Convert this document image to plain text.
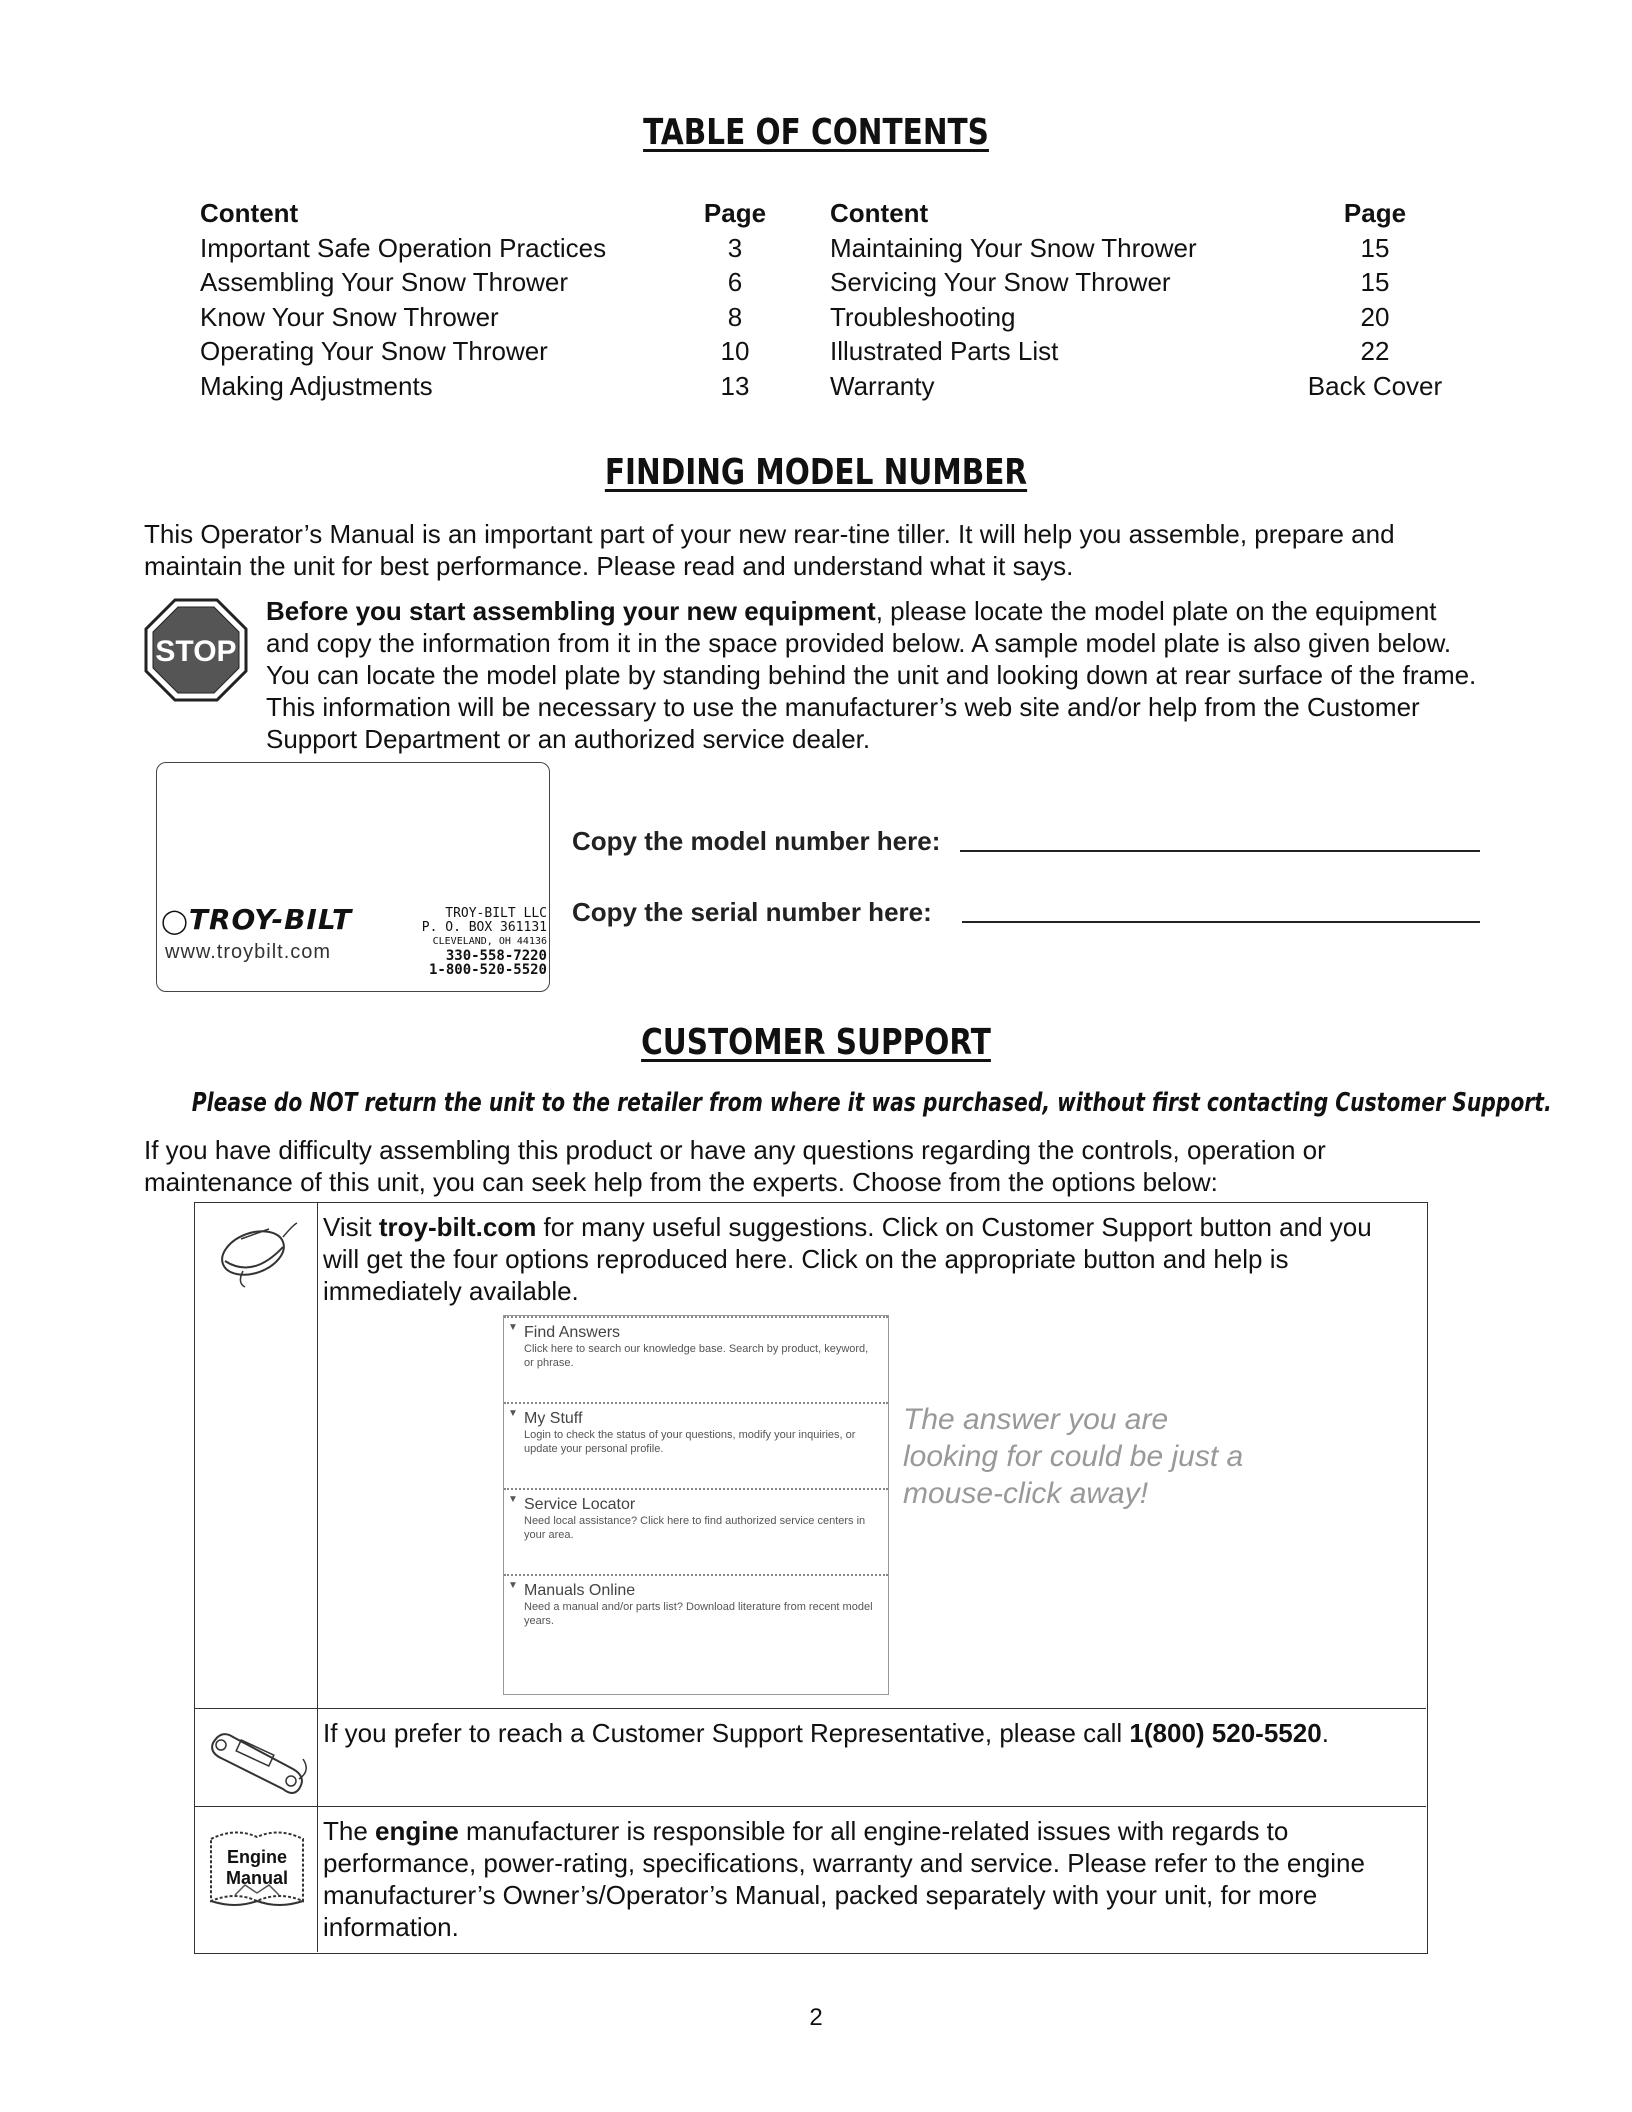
TABLE OF CONTENTS
Content	Page
Important Safe Operation Practices	3
Assembling Your Snow Thrower	6
Know Your Snow Thrower	8
Operating Your Snow Thrower	10
Making Adjustments	13
Content	Page
Maintaining Your Snow Thrower	15
Servicing Your Snow Thrower	15
Troubleshooting	20
Illustrated Parts List	22
Warranty	Back Cover
FINDING MODEL NUMBER
This Operator’s Manual is an important part of your new rear-tine tiller. It will help you assemble, prepare and maintain the unit for best performance. Please read and understand what it says.
STOP
Before you start assembling your new equipment, please locate the model plate on the equipment and copy the information from it in the space provided below. A sample model plate is also given below. You can locate the model plate by standing behind the unit and looking down at rear surface of the frame. This information will be necessary to use the manufacturer’s web site and/or help from the Customer Support Department or an authorized service dealer.
◯TROY-BILT
www.troybilt.com
TROY-BILT LLC
P. O. BOX 361131
CLEVELAND, OH 44136
330-558-7220
1-800-520-5520
Copy the model number here:
Copy the serial number here:
CUSTOMER SUPPORT
Please do NOT return the unit to the retailer from where it was purchased, without first contacting Customer Support.
If you have difficulty assembling this product or have any questions regarding the controls, operation or maintenance of this unit, you can seek help from the experts. Choose from the options below:
Visit troy-bilt.com for many useful suggestions. Click on Customer Support button and you will get the four options reproduced here. Click on the appropriate button and help is immediately available.
▼ Find Answers
Click here to search our knowledge base. Search by product, keyword, or phrase.
▼ My Stuff
Login to check the status of your questions, modify your inquiries, or update your personal profile.
▼ Service Locator
Need local assistance? Click here to find authorized service centers in your area.
▼ Manuals Online
Need a manual and/or parts list? Download literature from recent model years.
The answer you are looking for could be just a mouse-click away!
If you prefer to reach a Customer Support Representative, please call 1(800) 520-5520.
Engine
Manual
The engine manufacturer is responsible for all engine-related issues with regards to performance, power-rating, specifications, warranty and service. Please refer to the engine manufacturer’s Owner’s/Operator’s Manual, packed separately with your unit, for more information.
2
